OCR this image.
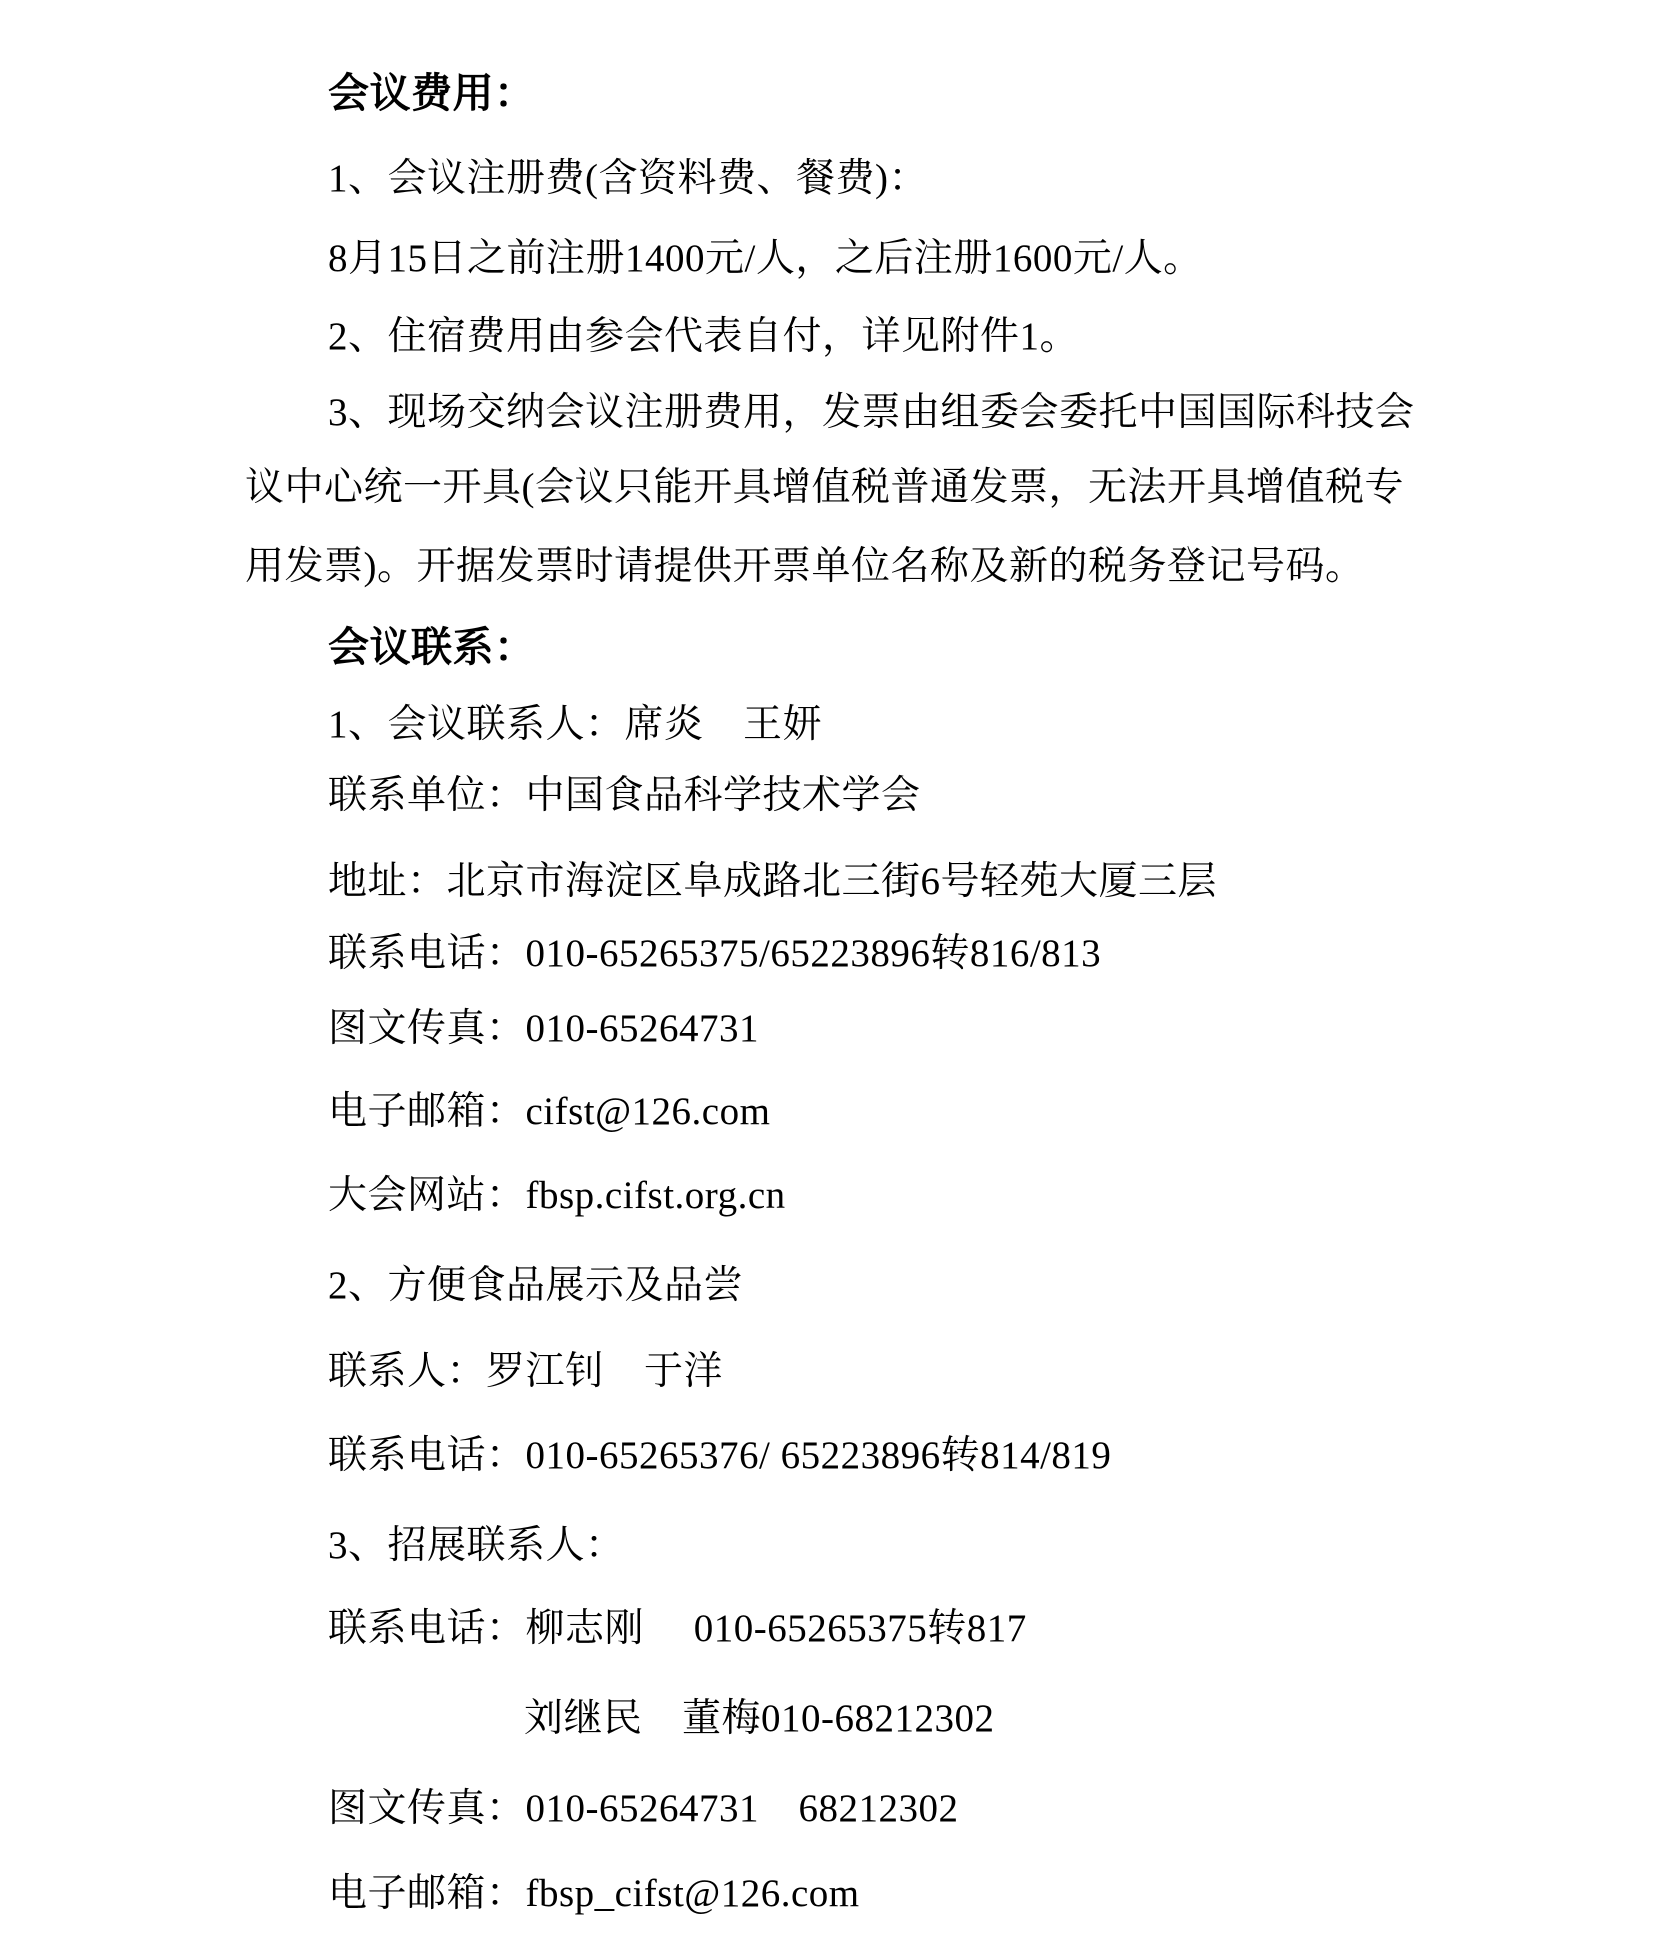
会议费用：
1、会议注册费(含资料费、餐费)：
8月15日之前注册1400元/人，之后注册1600元/人。
2、住宿费用由参会代表自付，详见附件1。
3、现场交纳会议注册费用，发票由组委会委托中国国际科技会
议中心统一开具(会议只能开具增值税普通发票，无法开具增值税专
用发票)。开据发票时请提供开票单位名称及新的税务登记号码。
会议联系：
1、会议联系人：席炎　王妍
联系单位：中国食品科学技术学会
地址：北京市海淀区阜成路北三街6号轻苑大厦三层
联系电话：010-65265375/65223896转816/813
图文传真：010-65264731
电子邮箱：cifst@126.com
大会网站：fbsp.cifst.org.cn
2、方便食品展示及品尝
联系人：罗江钊　于洋
联系电话：010-65265376/ 65223896转814/819
3、招展联系人：
联系电话：柳志刚　 010-65265375转817
刘继民　董梅010-68212302
图文传真：010-65264731　68212302
电子邮箱：fbsp_cifst@126.com
